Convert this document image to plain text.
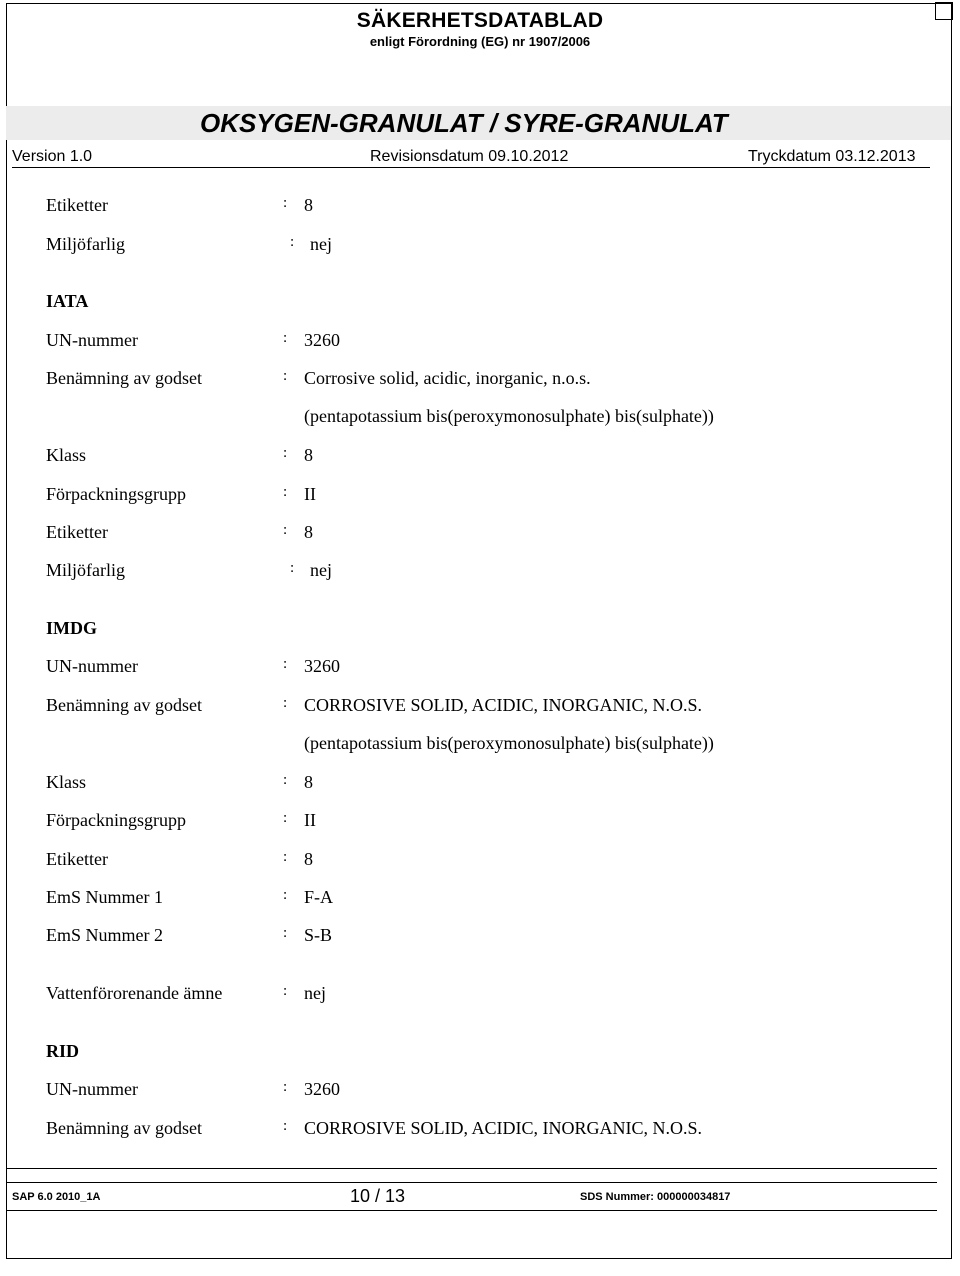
SÄKERHETSDATABLAD
enligt Förordning (EG) nr 1907/2006
OKSYGEN-GRANULAT / SYRE-GRANULAT
Version 1.0	Revisionsdatum 09.10.2012	Tryckdatum 03.12.2013
Etiketter	: 8
Miljöfarlig	: nej
IATA
UN-nummer	: 3260
Benämning av godset	: Corrosive solid, acidic, inorganic, n.o.s.
(pentapotassium bis(peroxymonosulphate) bis(sulphate))
Klass	: 8
Förpackningsgrupp	: II
Etiketter	: 8
Miljöfarlig	: nej
IMDG
UN-nummer	: 3260
Benämning av godset	: CORROSIVE SOLID, ACIDIC, INORGANIC, N.O.S.
(pentapotassium bis(peroxymonosulphate) bis(sulphate))
Klass	: 8
Förpackningsgrupp	: II
Etiketter	: 8
EmS Nummer 1	: F-A
EmS Nummer 2	: S-B
Vattenförorenande ämne	: nej
RID
UN-nummer	: 3260
Benämning av godset	: CORROSIVE SOLID, ACIDIC, INORGANIC, N.O.S.
SAP 6.0 2010_1A	10 / 13	SDS Nummer: 000000034817
